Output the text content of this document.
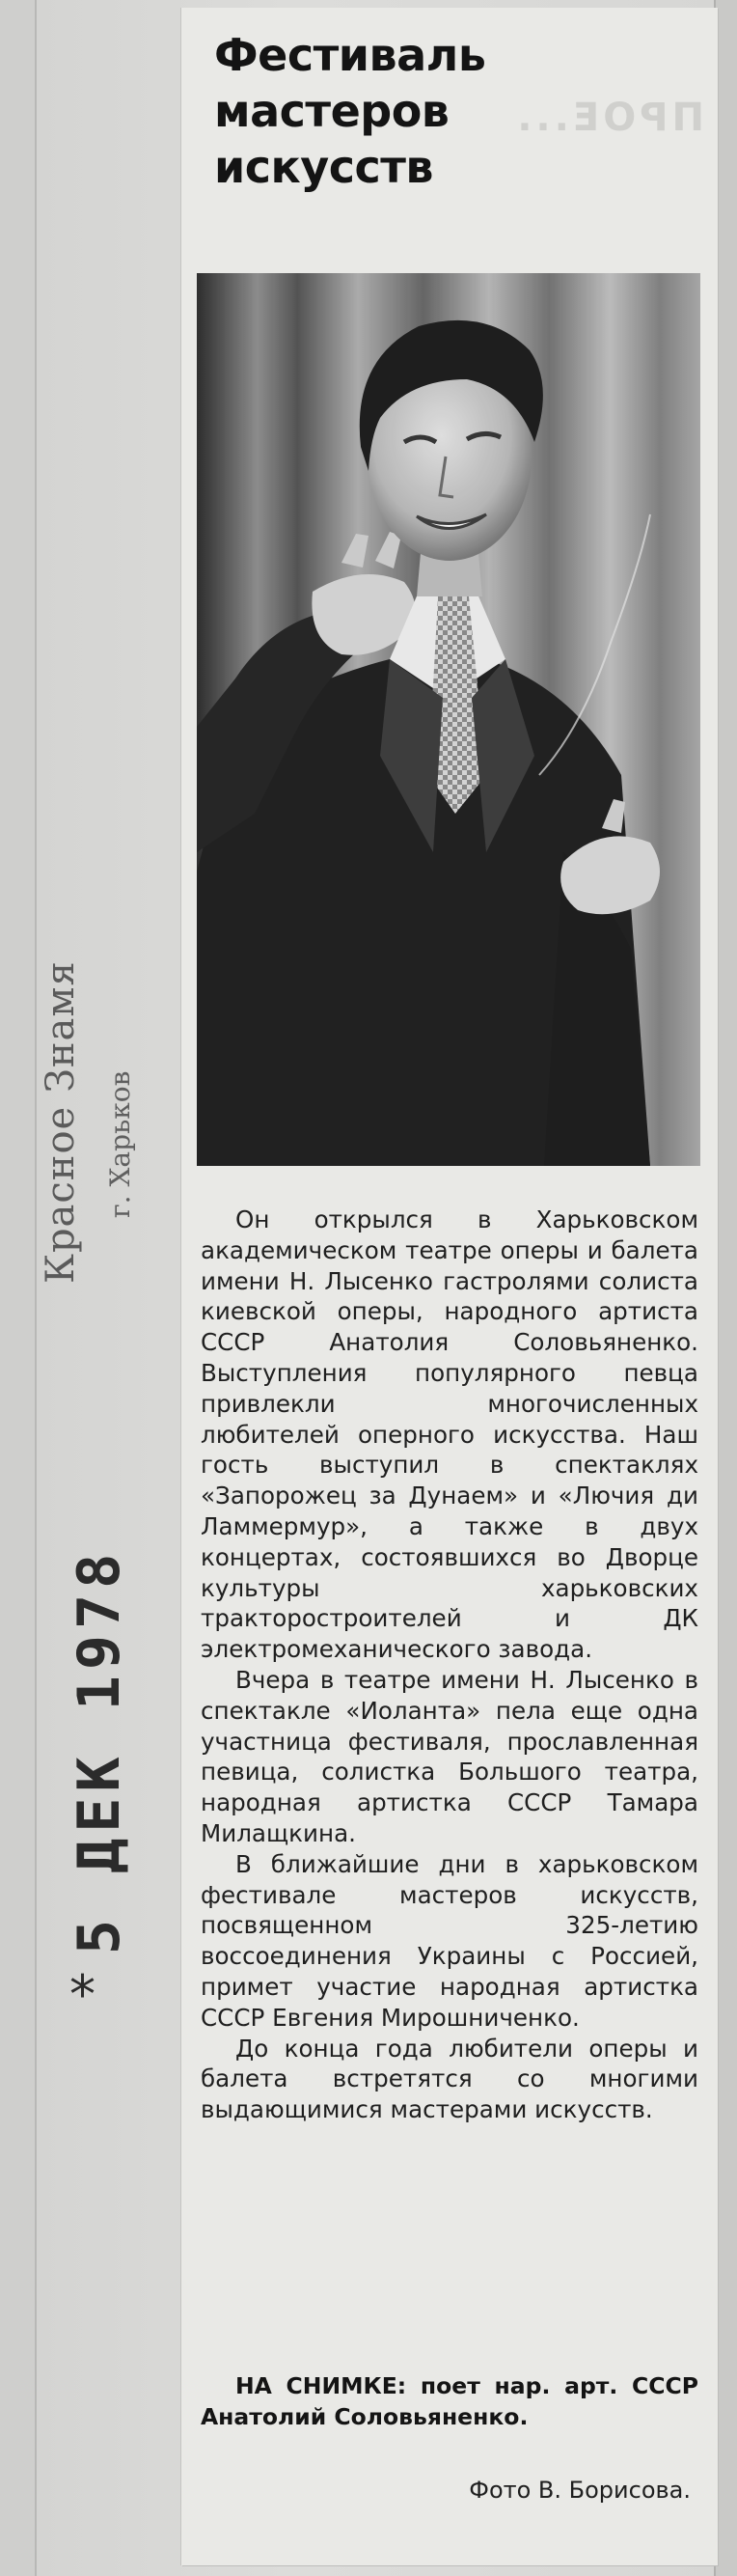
ПРОЕ...
Фестиваль
мастеров
искусств
Красное Знамя г. Харьков
*
5 ДЕК 1978

Он открылся в Харьковском академическом театре оперы и балета имени Н. Лысенко гастролями солиста киевской оперы, народного артиста СССР Анатолия Соловьяненко. Выступления популярного певца привлекли многочисленных любителей оперного искусства. Наш гость выступил в спектаклях «Запорожец за Дунаем» и «Лючия ди Ламмермур», а также в двух концертах, состоявшихся во Дворце культуры харьковских тракторостроителей и ДК электромеханического завода.

Вчера в театре имени Н. Лысенко в спектакле «Иоланта» пела еще одна участница фестиваля, прославленная певица, солистка Большого театра, народная артистка СССР Тамара Милащкина.

В ближайшие дни в харьковском фестивале мастеров искусств, посвященном 325-летию воссоединения Украины с Россией, примет участие народная артистка СССР Евгения Мирошниченко.

До конца года любители оперы и балета встретятся со многими выдающимися мастерами искусств.

НА СНИМКЕ: поет нар. арт. СССР Анатолий Соловьяненко.
Фото В. Борисова.
